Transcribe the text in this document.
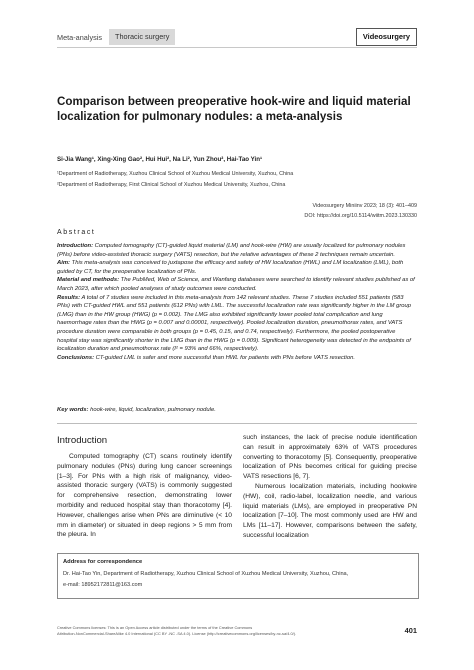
Meta-analysis	Thoracic surgery	Videosurgery
Comparison between preoperative hook-wire and liquid material localization for pulmonary nodules: a meta-analysis
Si-Jia Wang¹, Xing-Xing Gao², Hui Hui², Na Li², Yun Zhou², Hai-Tao Yin¹
¹Department of Radiotherapy, Xuzhou Clinical School of Xuzhou Medical University, Xuzhou, China
²Department of Radiotherapy, First Clinical School of Xuzhou Medical University, Xuzhou, China
Videosurgery Miniinv 2023; 18 (3): 401–409
DOI: https://doi.org/10.5114/wiitm.2023.130330
Abstract

Introduction: Computed tomography (CT)-guided liquid material (LM) and hook-wire (HW) are usually localized for pulmonary nodules (PNs) before video-assisted thoracic surgery (VATS) resection, but the relative advantages of these 2 techniques remain uncertain.

Aim: This meta-analysis was conceived to juxtapose the efficacy and safety of HW localization (HWL) and LM localization (LML), both guided by CT, for the preoperative localization of PNs.

Material and methods: The PubMed, Web of Science, and Wanfang databases were searched to identify relevant studies published as of March 2023, after which pooled analyses of study outcomes were conducted.

Results: A total of 7 studies were included in this meta-analysis from 142 relevant studies. These 7 studies included 551 patients (583 PNs) with CT-guided HWL and 551 patients (612 PNs) with LML. The successful localization rate was significantly higher in the LM group (LMG) than in the HW group (HWG) (p = 0.002). The LMG also exhibited significantly lower pooled total complication and lung haemorrhage rates than the HWG (p = 0.007 and 0.00001, respectively). Pooled localization duration, pneumothorax rates, and VATS procedure duration were comparable in both groups (p = 0.45, 0.15, and 0.74, respectively). Furthermore, the pooled postoperative hospital stay was significantly shorter in the LMG than in the HWG (p = 0.009). Significant heterogeneity was detected in the endpoints of localization duration and pneumothorax rate (I² = 93% and 66%, respectively).

Conclusions: CT-guided LML is safer and more successful than HWL for patients with PNs before VATS resection.

Key words: hook-wire, liquid, localization, pulmonary nodule.
Introduction

Computed tomography (CT) scans routinely identify pulmonary nodules (PNs) during lung cancer screenings [1–3]. For PNs with a high risk of malignancy, video-assisted thoracic surgery (VATS) is commonly suggested for comprehensive resection, demonstrating lower morbidity and reduced hospital stay than thoracotomy [4]. However, challenges arise when PNs are diminutive (< 10 mm in diameter) or situated in deep regions > 5 mm from the pleura. In

such instances, the lack of precise nodule identification can result in approximately 63% of VATS procedures converting to thoracotomy [5]. Consequently, preoperative localization of PNs becomes critical for guiding precise VATS resections [6, 7].

Numerous localization materials, including hookwire (HW), coil, radio-label, localization needle, and various liquid materials (LMs), are employed in preoperative PN localization [7–10]. The most commonly used are HW and LMs [11–17]. However, comparisons between the safety, successful localization

Address for correspondence
Dr. Hai-Tao Yin, Department of Radiotherapy, Xuzhou Clinical School of Xuzhou Medical University, Xuzhou, China,
e-mail: 18952172811@163.com
Creative Commons licenses: This is an Open Access article distributed under the terms of the Creative Commons
Attribution-NonCommercial-ShareAlike 4.0 International (CC BY -NC -SA 4.0). License (http://creativecommons.org/licenses/by-nc-sa/4.0/).	401
